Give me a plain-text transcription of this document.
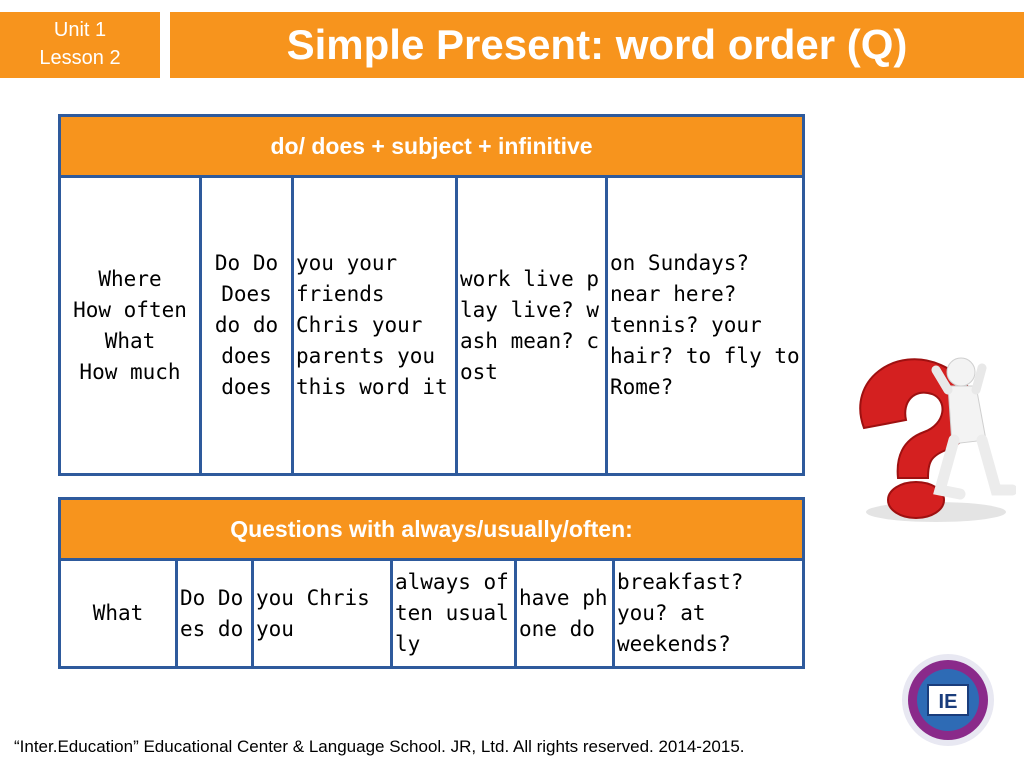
Unit 1
Lesson 2	Simple Present: word order (Q)
do/ does + subject + infinitive
Where
How often What
How much	Do Do Does do do does does	you your friends Chris your parents you this word it	work live play live? wash mean? cost	on Sundays? near here? tennis? your hair? to fly to Rome?
Questions with always/usually/often:
What	Do Does do	you Chris you	always often usually	have phone do	breakfast? you? at weekends?
IE
“Inter.Education” Educational Center & Language School. JR, Ltd. All rights reserved. 2014-2015.
